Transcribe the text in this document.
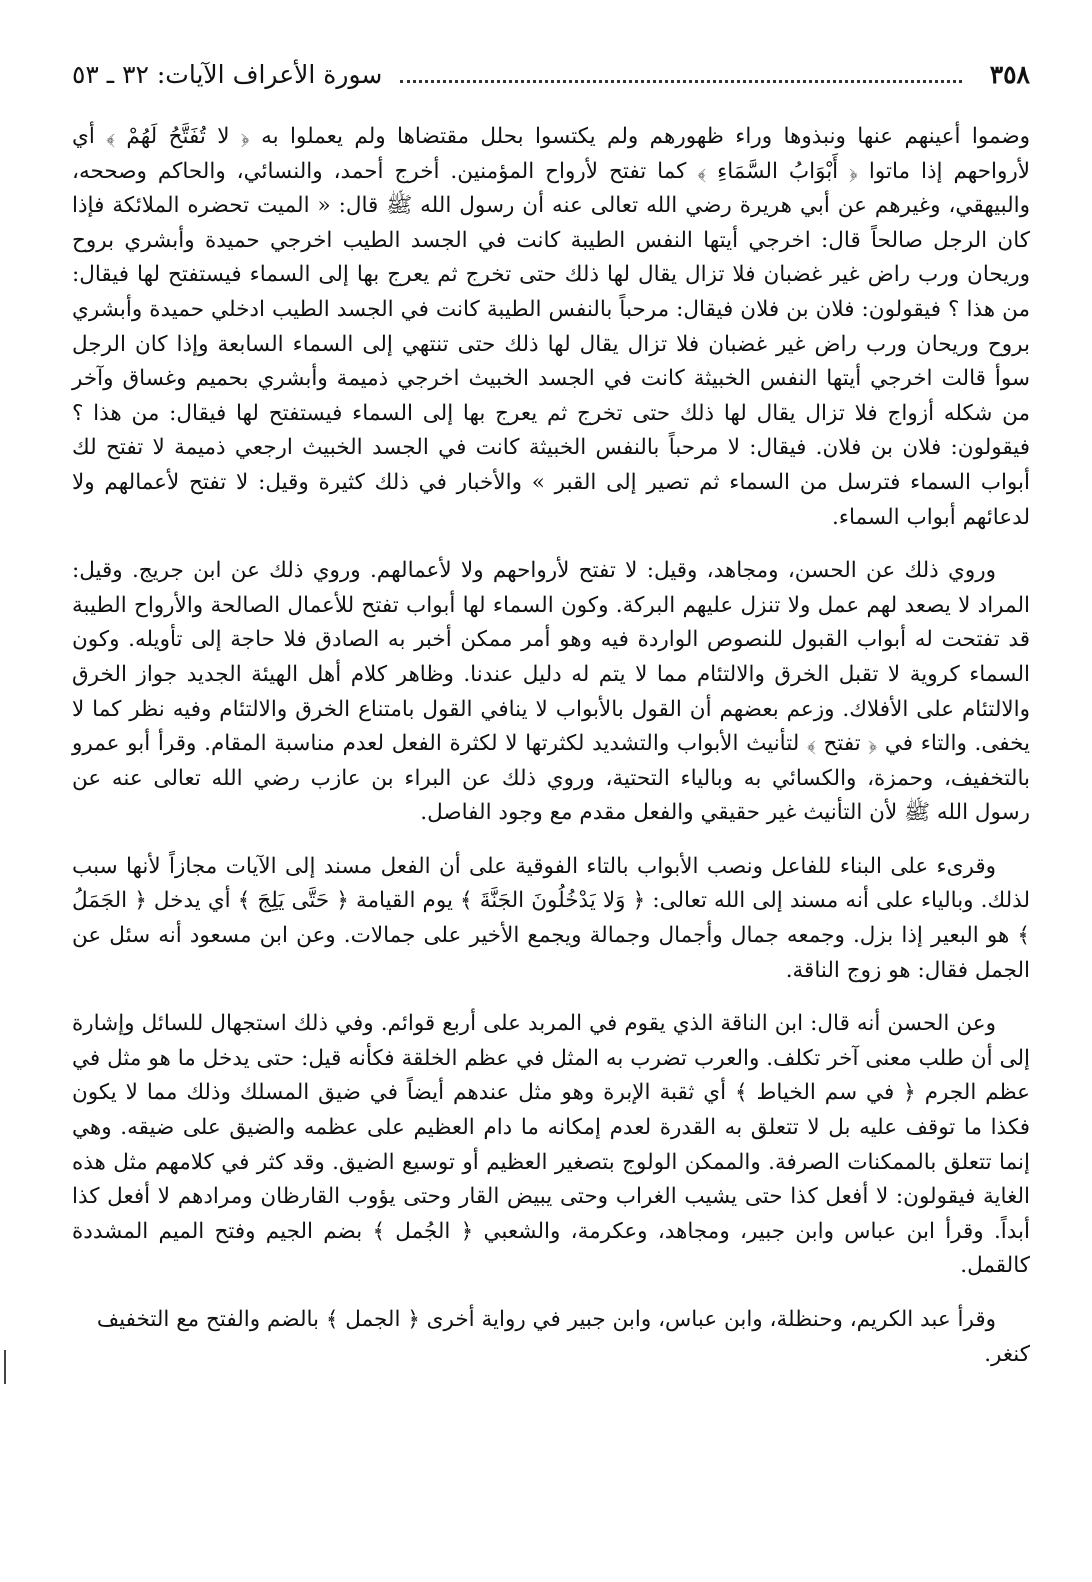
٣٥٨
سورة الأعراف الآيات: ٣٢ ـ ٥٣

وضموا أعينهم عنها ونبذوها وراء ظهورهم ولم يكتسوا بحلل مقتضاها ولم يعملوا به ﴿ لا تُفَتَّحُ لَهُمْ ﴾ أي لأرواحهم إذا ماتوا ﴿ أَبْوَابُ السَّمَاءِ ﴾ كما تفتح لأرواح المؤمنين. أخرج أحمد، والنسائي، والحاكم وصححه، والبيهقي، وغيرهم عن أبي هريرة رضي الله تعالى عنه أن رسول الله ﷺ قال: « الميت تحضره الملائكة فإذا كان الرجل صالحاً قال: اخرجي أيتها النفس الطيبة كانت في الجسد الطيب اخرجي حميدة وأبشري بروح وريحان ورب راض غير غضبان فلا تزال يقال لها ذلك حتى تخرج ثم يعرج بها إلى السماء فيستفتح لها فيقال: من هذا ؟ فيقولون: فلان بن فلان فيقال: مرحباً بالنفس الطيبة كانت في الجسد الطيب ادخلي حميدة وأبشري بروح وريحان ورب راض غير غضبان فلا تزال يقال لها ذلك حتى تنتهي إلى السماء السابعة وإذا كان الرجل سوأ قالت اخرجي أيتها النفس الخبيثة كانت في الجسد الخبيث اخرجي ذميمة وأبشري بحميم وغساق وآخر من شكله أزواج فلا تزال يقال لها ذلك حتى تخرج ثم يعرج بها إلى السماء فيستفتح لها فيقال: من هذا ؟ فيقولون: فلان بن فلان. فيقال: لا مرحباً بالنفس الخبيثة كانت في الجسد الخبيث ارجعي ذميمة لا تفتح لك أبواب السماء فترسل من السماء ثم تصير إلى القبر » والأخبار في ذلك كثيرة وقيل: لا تفتح لأعمالهم ولا لدعائهم أبواب السماء.

وروي ذلك عن الحسن، ومجاهد، وقيل: لا تفتح لأرواحهم ولا لأعمالهم. وروي ذلك عن ابن جريج. وقيل: المراد لا يصعد لهم عمل ولا تنزل عليهم البركة. وكون السماء لها أبواب تفتح للأعمال الصالحة والأرواح الطيبة قد تفتحت له أبواب القبول للنصوص الواردة فيه وهو أمر ممكن أخبر به الصادق فلا حاجة إلى تأويله. وكون السماء كروية لا تقبل الخرق والالتئام مما لا يتم له دليل عندنا. وظاهر كلام أهل الهيئة الجديد جواز الخرق والالتئام على الأفلاك. وزعم بعضهم أن القول بالأبواب لا ينافي القول بامتناع الخرق والالتئام وفيه نظر كما لا يخفى. والتاء في ﴿ تفتح ﴾ لتأنيث الأبواب والتشديد لكثرتها لا لكثرة الفعل لعدم مناسبة المقام. وقرأ أبو عمرو بالتخفيف، وحمزة، والكسائي به وبالياء التحتية، وروي ذلك عن البراء بن عازب رضي الله تعالى عنه عن رسول الله ﷺ لأن التأنيث غير حقيقي والفعل مقدم مع وجود الفاصل.

وقرىء على البناء للفاعل ونصب الأبواب بالتاء الفوقية على أن الفعل مسند إلى الآيات مجازاً لأنها سبب لذلك. وبالياء على أنه مسند إلى الله تعالى: ﴿ وَلا يَدْخُلُونَ الجَنَّةَ ﴾ يوم القيامة ﴿ حَتَّى يَلِجَ ﴾ أي يدخل ﴿ الجَمَلُ ﴾ هو البعير إذا بزل. وجمعه جمال وأجمال وجمالة ويجمع الأخير على جمالات. وعن ابن مسعود أنه سئل عن الجمل فقال: هو زوج الناقة.

وعن الحسن أنه قال: ابن الناقة الذي يقوم في المربد على أربع قوائم. وفي ذلك استجهال للسائل وإشارة إلى أن طلب معنى آخر تكلف. والعرب تضرب به المثل في عظم الخلقة فكأنه قيل: حتى يدخل ما هو مثل في عظم الجرم ﴿ في سم الخياط ﴾ أي ثقبة الإبرة وهو مثل عندهم أيضاً في ضيق المسلك وذلك مما لا يكون فكذا ما توقف عليه بل لا تتعلق به القدرة لعدم إمكانه ما دام العظيم على عظمه والضيق على ضيقه. وهي إنما تتعلق بالممكنات الصرفة. والممكن الولوج بتصغير العظيم أو توسيع الضيق. وقد كثر في كلامهم مثل هذه الغاية فيقولون: لا أفعل كذا حتى يشيب الغراب وحتى يبيض القار وحتى يؤوب القارظان ومرادهم لا أفعل كذا أبداً. وقرأ ابن عباس وابن جبير، ومجاهد، وعكرمة، والشعبي ﴿ الجُمل ﴾ بضم الجيم وفتح الميم المشددة كالقمل.

وقرأ عبد الكريم، وحنظلة، وابن عباس، وابن جبير في رواية أخرى ﴿ الجمل ﴾ بالضم والفتح مع التخفيف

كنغر.
